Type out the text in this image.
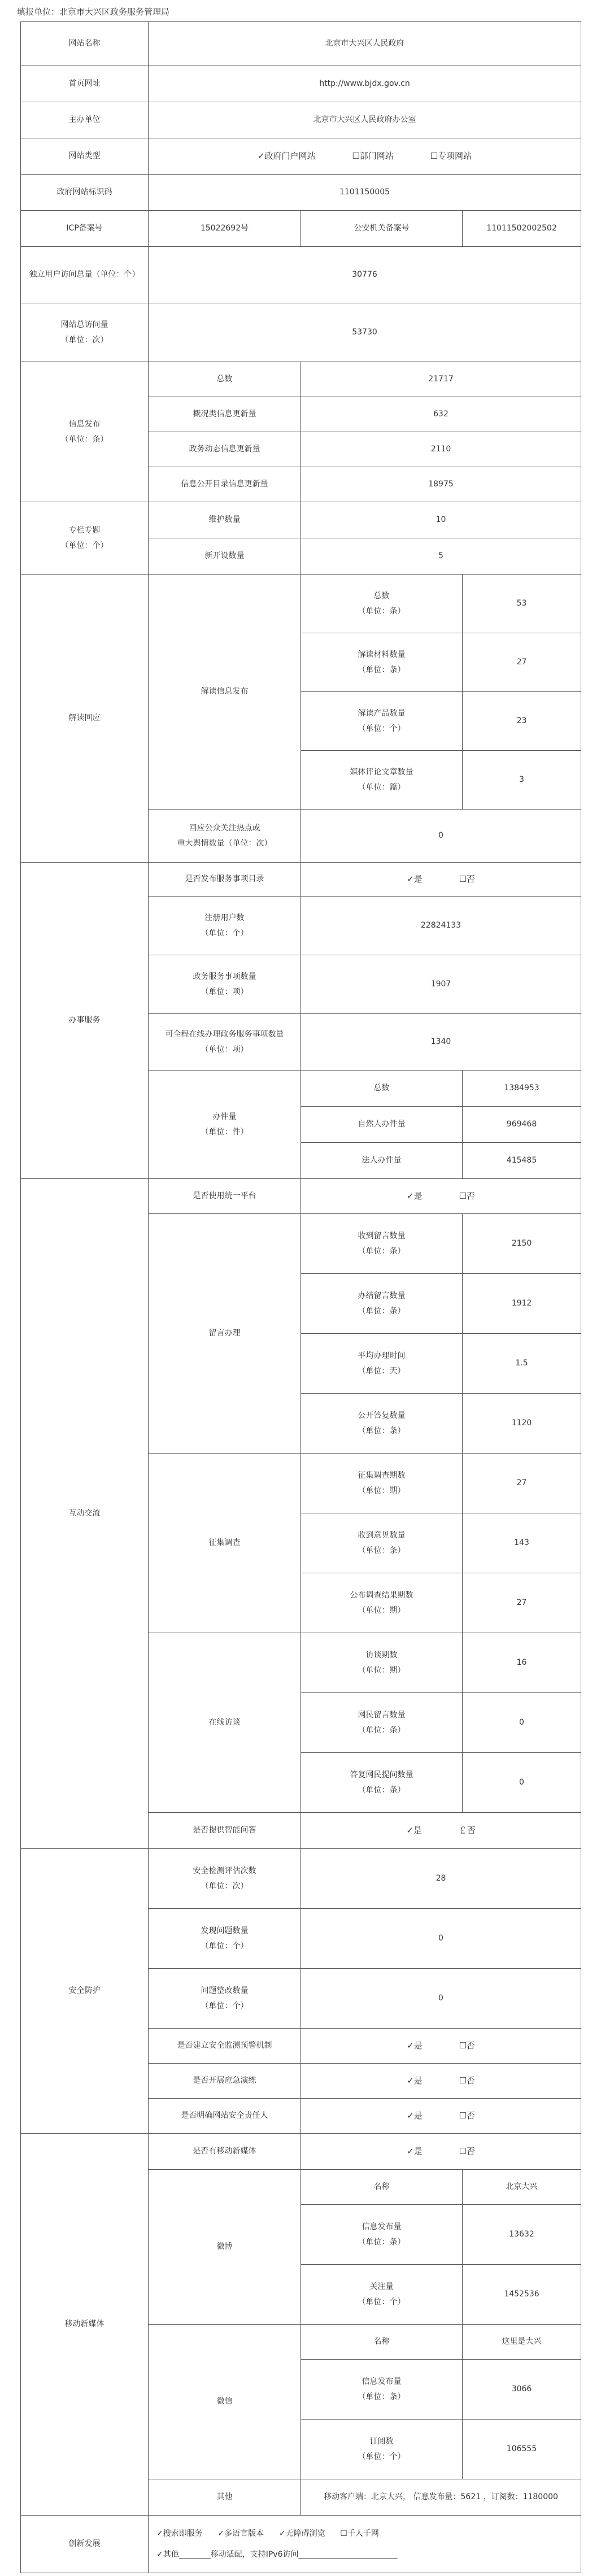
填报单位：北京市大兴区政务服务管理局
网站名称	北京市大兴区人民政府		
首页网址	http://www.bjdx.gov.cn		
主办单位	北京市大兴区人民政府办公室		
网站类型	✓政府门户网站 ☐部门网站 ☐专项网站		
政府网站标识码	1101150005		
ICP备案号	15022692号	公安机关备案号	11011502002502
独立用户访问总量（单位：个）	30776		

网站总访问量
（单位：次）	53730		

信息发布
（单位：条）	总数	21717	
	概况类信息更新量	632	
	政务动态信息更新量	2110	
	信息公开目录信息更新量	18975	

专栏专题
（单位：个）	维护数量	10	
	新开设数量	5	
解读回应	解读信息发布	总数
（单位：条）	53

		解读材料数量
（单位：条）	27

		解读产品数量
（单位：个）	23

		媒体评论文章数量
（单位：篇）	3

	回应公众关注热点或
重大舆情数量（单位：次）	0	
办事服务	是否发布服务事项目录	✓是 ☐否	

	注册用户数
（单位：个）	22824133	

	政务服务事项数量
（单位：项）	1907	

	可全程在线办理政务服务事项数量
（单位：项）	1340	

	办件量
（单位：件）	总数	1384953
		自然人办件量	969468
		法人办件量	415485
互动交流	是否使用统一平台	✓是 ☐否	
	留言办理	收到留言数量
（单位：条）	2150

		办结留言数量
（单位：条）	1912

		平均办理时间
（单位：天）	1.5

		公开答复数量
（单位：条）	1120
	征集调查	征集调查期数
（单位：期）	27

		收到意见数量
（单位：条）	143

		公布调查结果期数
（单位：期）	27
	在线访谈	访谈期数
（单位：期）	16

		网民留言数量
（单位：条）	0

		答复网民提问数量
（单位：条）	0
	是否提供智能问答	✓是 ￡否	
安全防护	安全检测评估次数
（单位：次）	28	

	发现问题数量
（单位：个）	0	

	问题整改数量
（单位：个）	0	
	是否建立安全监测预警机制	✓是 ☐否	
	是否开展应急演练	✓是 ☐否	
	是否明确网站安全责任人	✓是 ☐否	
移动新媒体	是否有移动新媒体	✓是 ☐否	
	微博	名称	北京大兴

		信息发布量
（单位：条）	13632

		关注量
（单位：个）	1452536
	微信	名称	这里是大兴

		信息发布量
（单位：条）	3066

		订阅数
（单位：个）	106555
	其他	移动客户端：北京大兴， 信息发布量：5621 ，订阅数：1180000	
创新发展	✓搜索即服务      ✓多语言版本      ✓无障碍浏览      ☐千人千网
✓其他________移动适配，支持IPv6访问_________________________		
